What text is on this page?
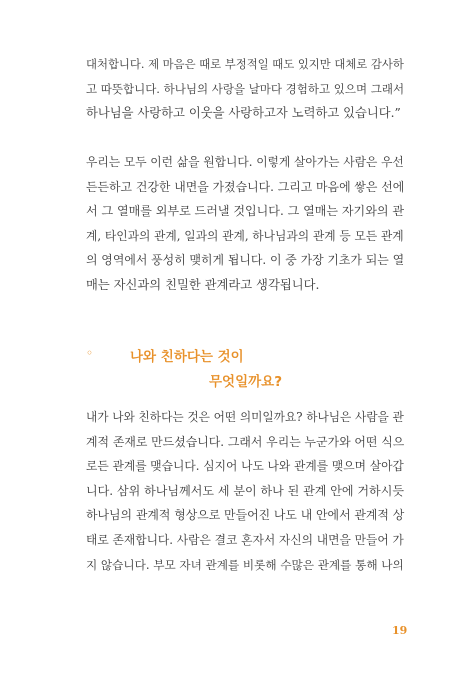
대처합니다. 제 마음은 때로 부정적일 때도 있지만 대체로 감사하
고 따뜻합니다. 하나님의 사랑을 날마다 경험하고 있으며 그래서
하나님을 사랑하고 이웃을 사랑하고자 노력하고 있습니다.”
우리는 모두 이런 삶을 원합니다. 이렇게 살아가는 사람은 우선
든든하고 건강한 내면을 가졌습니다. 그리고 마음에 쌓은 선에
서 그 열매를 외부로 드러낼 것입니다. 그 열매는 자기와의 관
계, 타인과의 관계, 일과의 관계, 하나님과의 관계 등 모든 관계
의 영역에서 풍성히 맺히게 됩니다. 이 중 가장 기초가 되는 열
매는 자신과의 친밀한 관계라고 생각됩니다.
◦	나와 친하다는 것이
무엇일까요?
내가 나와 친하다는 것은 어떤 의미일까요? 하나님은 사람을 관
계적 존재로 만드셨습니다. 그래서 우리는 누군가와 어떤 식으
로든 관계를 맺습니다. 심지어 나도 나와 관계를 맺으며 살아갑
니다. 삼위 하나님께서도 세 분이 하나 된 관계 안에 거하시듯
하나님의 관계적 형상으로 만들어진 나도 내 안에서 관계적 상
태로 존재합니다. 사람은 결코 혼자서 자신의 내면을 만들어 가
지 않습니다. 부모 자녀 관계를 비롯해 수많은 관계를 통해 나의
19
